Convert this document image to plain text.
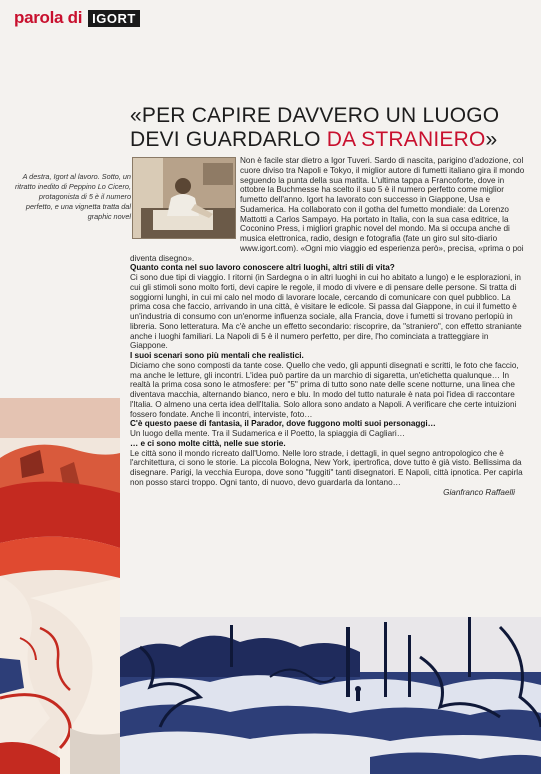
parola di IGORT
«PER CAPIRE DAVVERO UN LUOGO DEVI GUARDARLO DA STRANIERO»
A destra, Igort al lavoro. Sotto, un ritratto inedito di Peppino Lo Cicero, protagonista di 5 è il numero perfetto, e una vignetta tratta dal graphic novel

Non è facile star dietro a Igor Tuveri. Sardo di nascita, parigino d'adozione, col cuore diviso tra Napoli e Tokyo, il miglior autore di fumetti italiano gira il mondo seguendo la punta della sua matita. L'ultima tappa a Francoforte, dove in ottobre la Buchmesse ha scelto il suo 5 è il numero perfetto come miglior fumetto dell'anno. Igort ha lavorato con successo in Giappone, Usa e Sudamerica. Ha collaborato con il gotha del fumetto mondiale: da Lorenzo Mattotti a Carlos Sampayo. Ha portato in Italia, con la sua casa editrice, la Coconino Press, i migliori graphic novel del mondo. Ma si occupa anche di musica elettronica, radio, design e fotografia (fate un giro sul sito-diario www.igort.com). «Ogni mio viaggio ed esperienza però», precisa, «prima o poi diventa disegno».

Quanto conta nel suo lavoro conoscere altri luoghi, altri stili di vita?

Ci sono due tipi di viaggio. I ritorni (in Sardegna o in altri luoghi in cui ho abitato a lungo) e le esplorazioni, in cui gli stimoli sono molto forti, devi capire le regole, il modo di vivere e di pensare delle persone. Si tratta di soggiorni lunghi, in cui mi calo nel modo di lavorare locale, cercando di comunicare con quel pubblico. La prima cosa che faccio, arrivando in una città, è visitare le edicole. Si passa dal Giappone, in cui il fumetto è un'industria di consumo con un'enorme influenza sociale, alla Francia, dove i fumetti si trovano perlopiù in libreria. Sono letteratura. Ma c'è anche un effetto secondario: riscoprire, da "straniero", con effetto straniante anche i luoghi familiari. La Napoli di 5 è il numero perfetto, per dire, l'ho cominciata a tratteggiare in Giappone.

I suoi scenari sono più mentali che realistici.

Diciamo che sono composti da tante cose. Quello che vedo, gli appunti disegnati e scritti, le foto che faccio, ma anche le letture, gli incontri. L'idea può partire da un marchio di sigaretta, un'etichetta qualunque… In realtà la prima cosa sono le atmosfere: per "5" prima di tutto sono nate delle scene notturne, una linea che diventava macchia, alternando bianco, nero e blu. In modo del tutto naturale è nata poi l'idea di raccontare l'Italia. O almeno una certa idea dell'Italia. Solo allora sono andato a Napoli. A verificare che certe intuizioni fossero fondate. Anche lì incontri, interviste, foto…

C'è questo paese di fantasia, il Parador, dove fuggono molti suoi personaggi…

Un luogo della mente. Tra il Sudamerica e il Poetto, la spiaggia di Cagliari…

… e ci sono molte città, nelle sue storie.

Le città sono il mondo ricreato dall'Uomo. Nelle loro strade, i dettagli, in quel segno antropologico che è l'architettura, ci sono le storie. La piccola Bologna, New York, ipertrofica, dove tutto è già visto. Bellissima da disegnare. Parigi, la vecchia Europa, dove sono "fuggiti" tanti disegnatori. E Napoli, città ipnotica. Per capirla non posso starci troppo. Ogni tanto, di nuovo, devo guardarla da lontano…

Gianfranco Raffaelli
